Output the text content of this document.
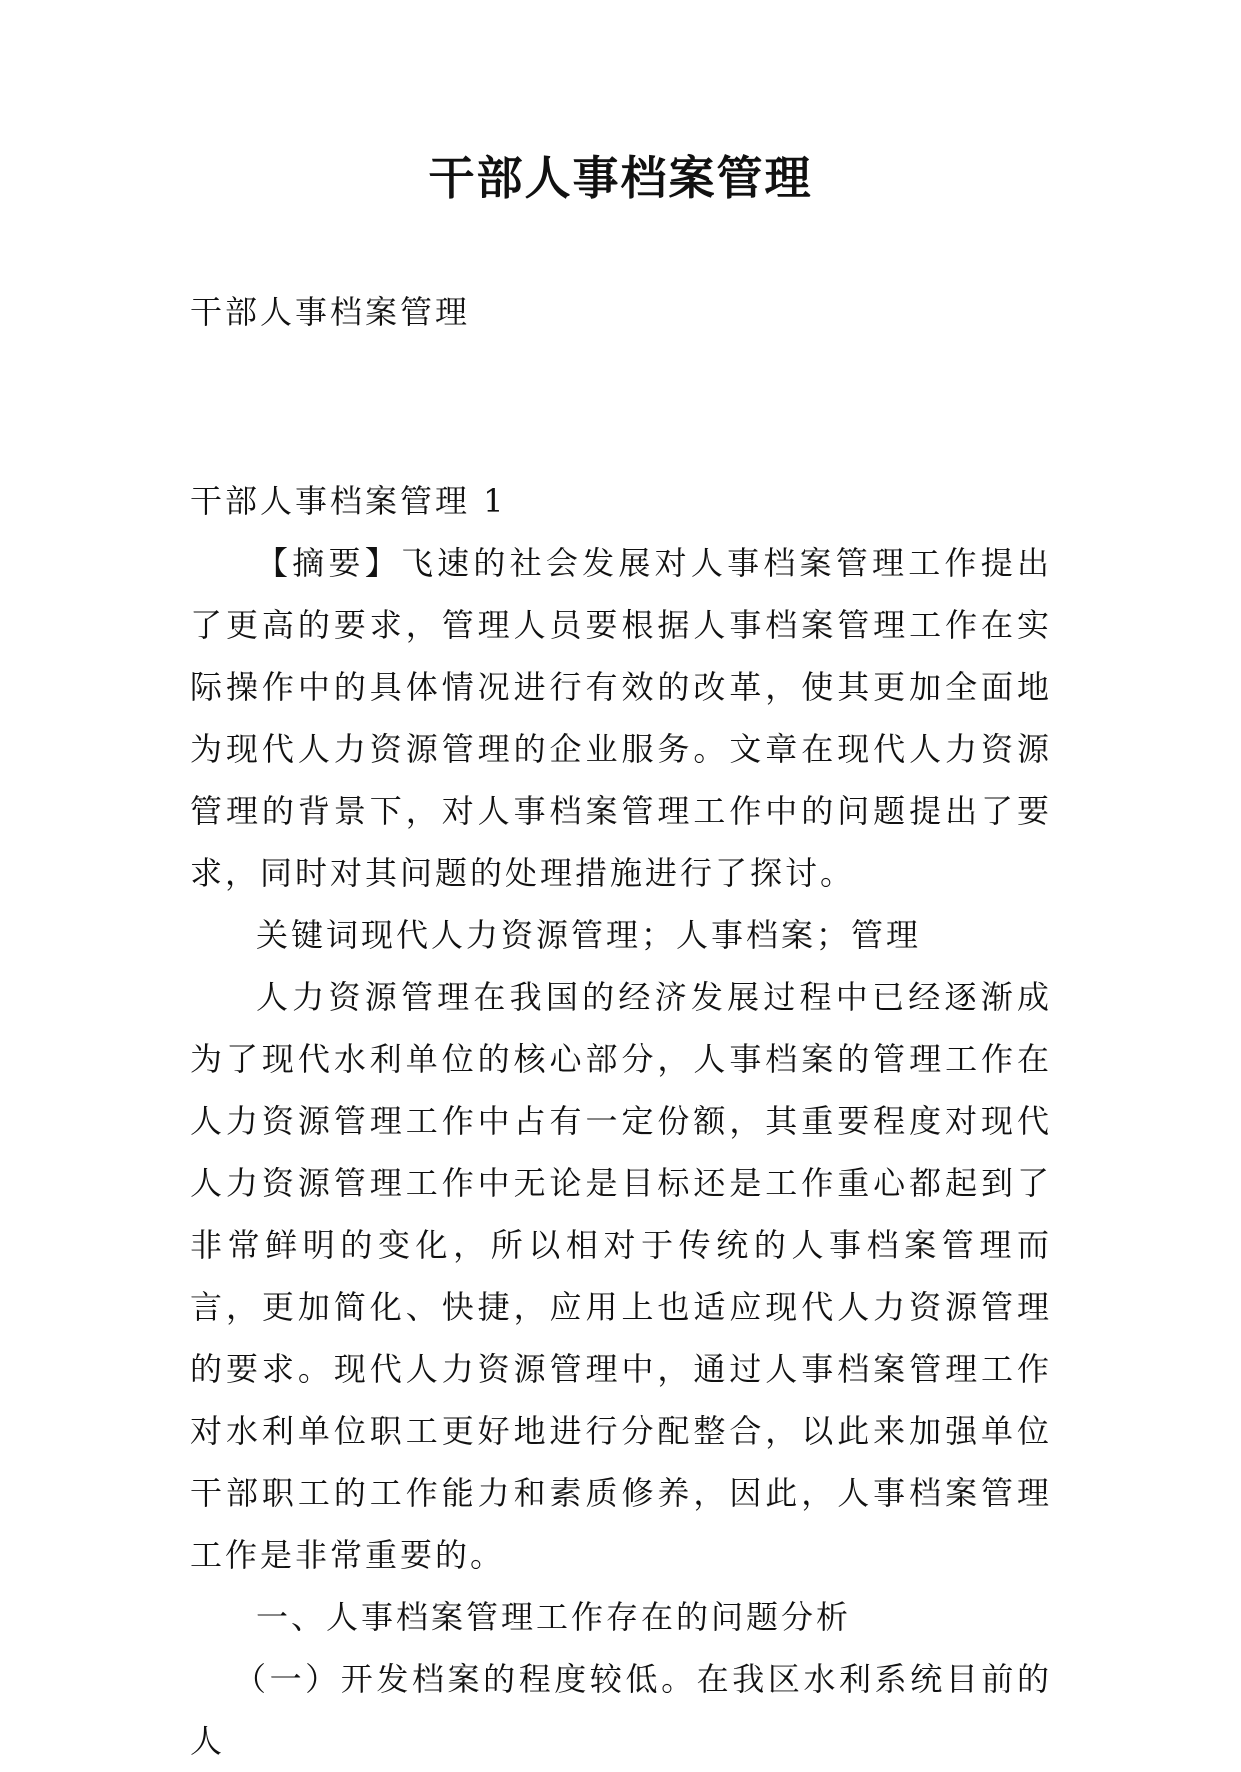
干部人事档案管理

干部人事档案管理

干部人事档案管理 1

【摘要】飞速的社会发展对人事档案管理工作提出了更高的要求，管理人员要根据人事档案管理工作在实际操作中的具体情况进行有效的改革，使其更加全面地为现代人力资源管理的企业服务。文章在现代人力资源管理的背景下，对人事档案管理工作中的问题提出了要求，同时对其问题的处理措施进行了探讨。

关键词现代人力资源管理；人事档案；管理

人力资源管理在我国的经济发展过程中已经逐渐成为了现代水利单位的核心部分，人事档案的管理工作在人力资源管理工作中占有一定份额，其重要程度对现代人力资源管理工作中无论是目标还是工作重心都起到了非常鲜明的变化，所以相对于传统的人事档案管理而言，更加简化、快捷，应用上也适应现代人力资源管理的要求。现代人力资源管理中，通过人事档案管理工作对水利单位职工更好地进行分配整合，以此来加强单位干部职工的工作能力和素质修养，因此，人事档案管理工作是非常重要的。

一、人事档案管理工作存在的问题分析

（一）开发档案的程度较低。在我区水利系统目前的人
